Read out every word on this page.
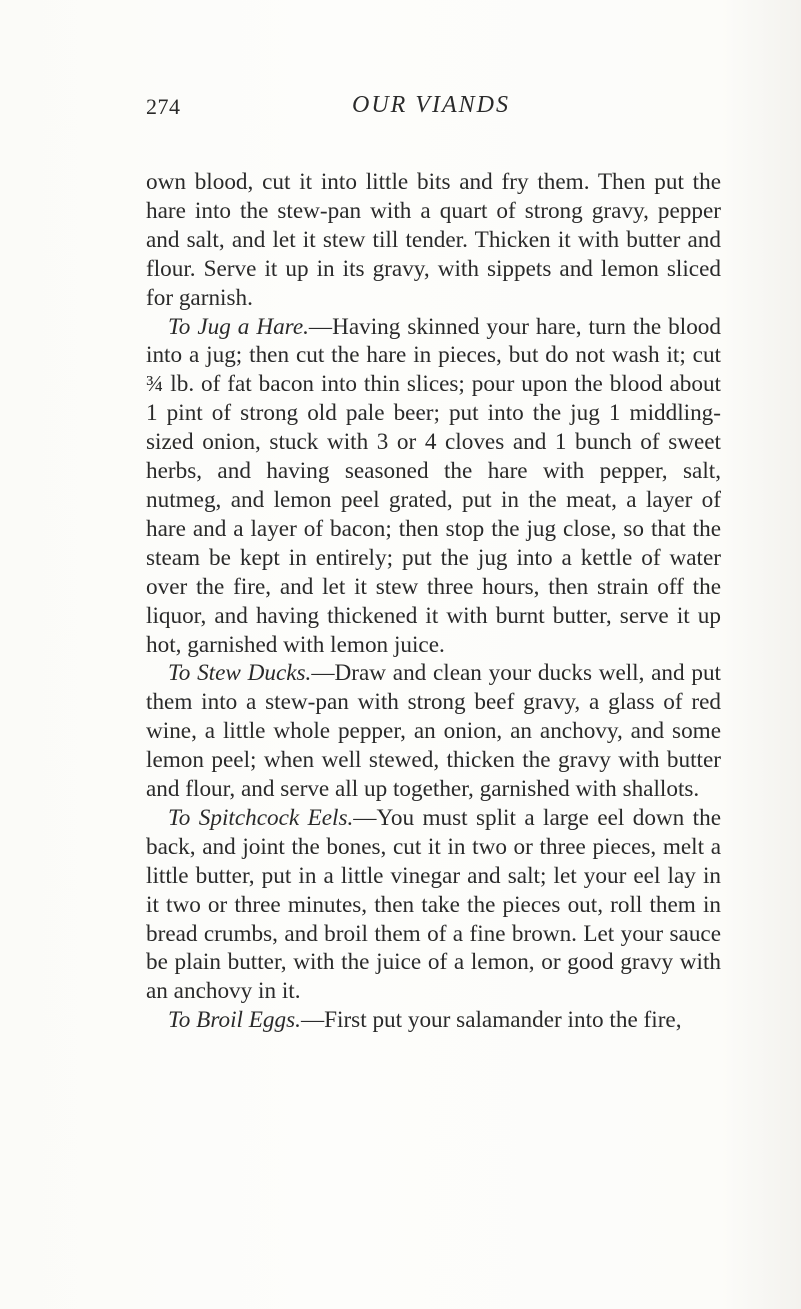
274	OUR VIANDS

own blood, cut it into little bits and fry them. Then put the hare into the stew-pan with a quart of strong gravy, pepper and salt, and let it stew till tender. Thicken it with butter and flour. Serve it up in its gravy, with sippets and lemon sliced for garnish.

To Jug a Hare.—Having skinned your hare, turn the blood into a jug; then cut the hare in pieces, but do not wash it; cut ¾ lb. of fat bacon into thin slices; pour upon the blood about 1 pint of strong old pale beer; put into the jug 1 middling-sized onion, stuck with 3 or 4 cloves and 1 bunch of sweet herbs, and having seasoned the hare with pepper, salt, nutmeg, and lemon peel grated, put in the meat, a layer of hare and a layer of bacon; then stop the jug close, so that the steam be kept in entirely; put the jug into a kettle of water over the fire, and let it stew three hours, then strain off the liquor, and having thickened it with burnt butter, serve it up hot, garnished with lemon juice.

To Stew Ducks.—Draw and clean your ducks well, and put them into a stew-pan with strong beef gravy, a glass of red wine, a little whole pepper, an onion, an anchovy, and some lemon peel; when well stewed, thicken the gravy with butter and flour, and serve all up together, garnished with shallots.

To Spitchcock Eels.—You must split a large eel down the back, and joint the bones, cut it in two or three pieces, melt a little butter, put in a little vinegar and salt; let your eel lay in it two or three minutes, then take the pieces out, roll them in bread crumbs, and broil them of a fine brown. Let your sauce be plain butter, with the juice of a lemon, or good gravy with an anchovy in it.

To Broil Eggs.—First put your salamander into the fire,
